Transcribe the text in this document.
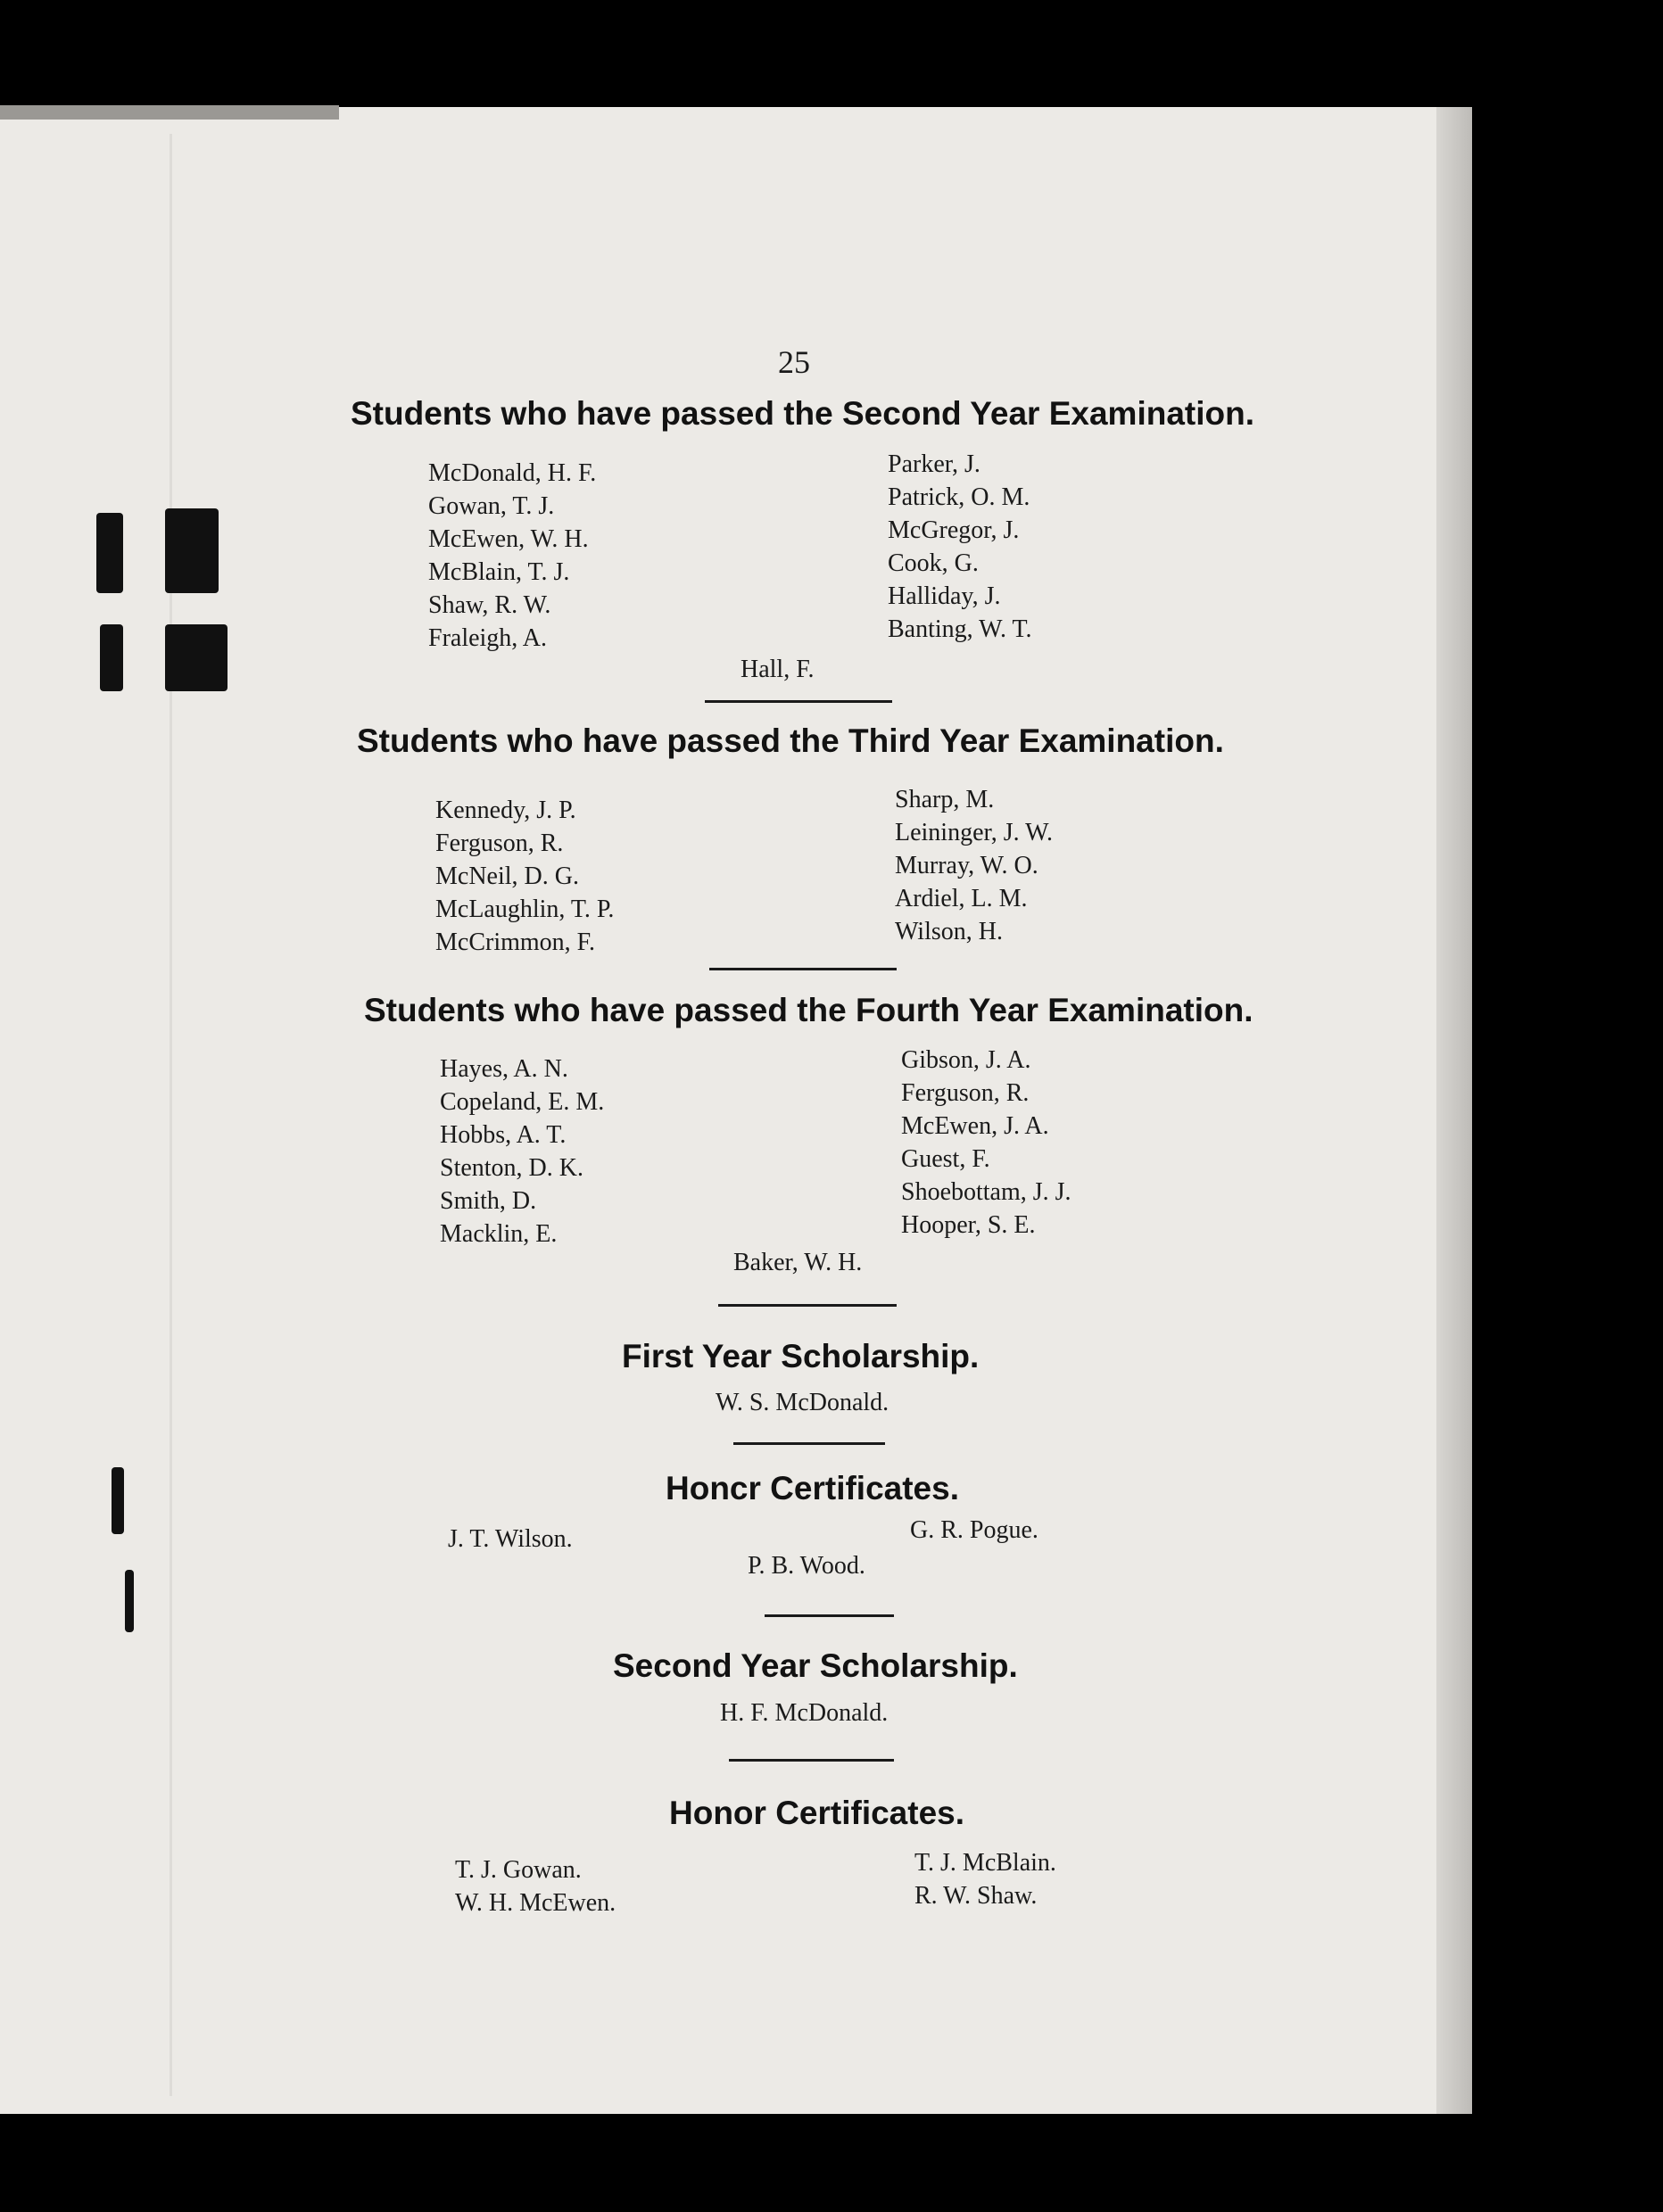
25
Students who have passed the Second Year Examination.
McDonald, H. F.
Gowan, T. J.
McEwen, W. H.
McBlain, T. J.
Shaw, R. W.
Fraleigh, A.
Parker, J.
Patrick, O. M.
McGregor, J.
Cook, G.
Halliday, J.
Banting, W. T.
Hall, F.
Students who have passed the Third Year Examination.
Kennedy, J. P.
Ferguson, R.
McNeil, D. G.
McLaughlin, T. P.
McCrimmon, F.
Sharp, M.
Leininger, J. W.
Murray, W. O.
Ardiel, L. M.
Wilson, H.
Students who have passed the Fourth Year Examination.
Hayes, A. N.
Copeland, E. M.
Hobbs, A. T.
Stenton, D. K.
Smith, D.
Macklin, E.
Gibson, J. A.
Ferguson, R.
McEwen, J. A.
Guest, F.
Shoebottam, J. J.
Hooper, S. E.
Baker, W. H.
First Year Scholarship.
W. S. McDonald.
Honcr Certificates.
J. T. Wilson.	G. R. Pogue.
P. B. Wood.
Second Year Scholarship.
H. F. McDonald.
Honor Certificates.
T. J. Gowan.
W. H. McEwen.
T. J. McBlain.
R. W. Shaw.
